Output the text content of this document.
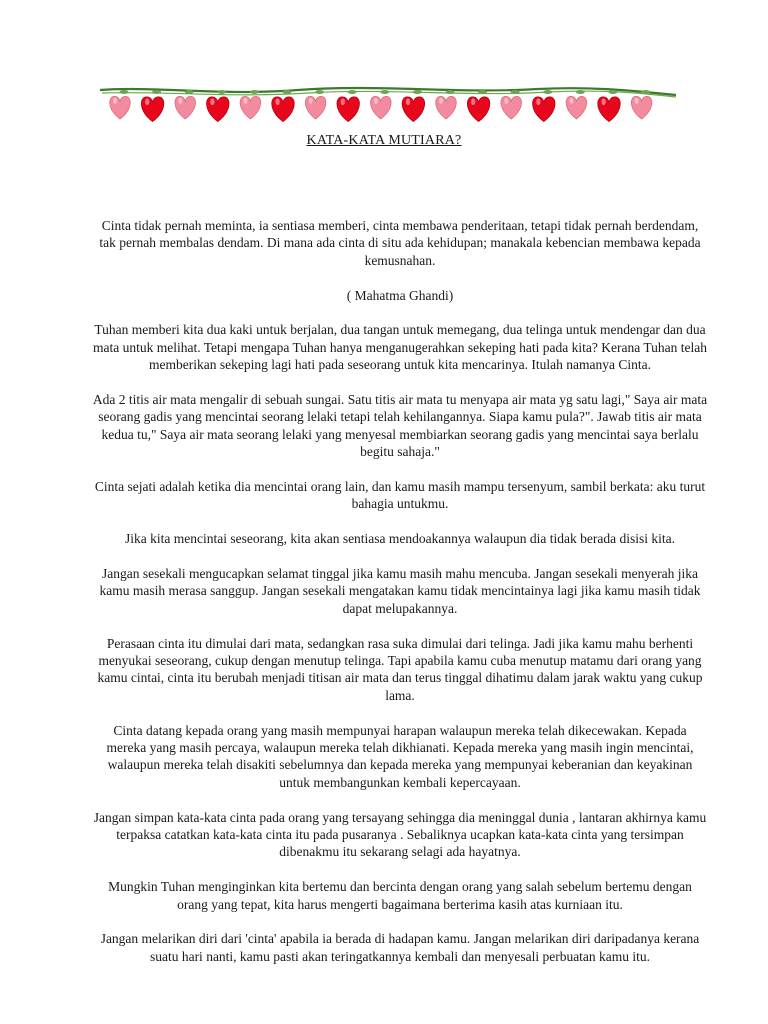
KATA-KATA MUTIARA?

Cinta tidak pernah meminta, ia sentiasa memberi, cinta membawa penderitaan, tetapi tidak pernah berdendam, tak pernah membalas dendam. Di mana ada cinta di situ ada kehidupan; manakala kebencian membawa kepada kemusnahan.

( Mahatma Ghandi)

Tuhan memberi kita dua kaki untuk berjalan, dua tangan untuk memegang, dua telinga untuk mendengar dan dua mata untuk melihat. Tetapi mengapa Tuhan hanya menganugerahkan sekeping hati pada kita? Kerana Tuhan telah memberikan sekeping lagi hati pada seseorang untuk kita mencarinya. Itulah namanya Cinta.

Ada 2 titis air mata mengalir di sebuah sungai. Satu titis air mata tu menyapa air mata yg satu lagi," Saya air mata seorang gadis yang mencintai seorang lelaki tetapi telah kehilangannya. Siapa kamu pula?". Jawab titis air mata kedua tu," Saya air mata seorang lelaki yang menyesal membiarkan seorang gadis yang mencintai saya berlalu begitu sahaja."

Cinta sejati adalah ketika dia mencintai orang lain, dan kamu masih mampu tersenyum, sambil berkata: aku turut bahagia untukmu.

Jika kita mencintai seseorang, kita akan sentiasa mendoakannya walaupun dia tidak berada disisi kita.

Jangan sesekali mengucapkan selamat tinggal jika kamu masih mahu mencuba. Jangan sesekali menyerah jika kamu masih merasa sanggup. Jangan sesekali mengatakan kamu tidak mencintainya lagi jika kamu masih tidak dapat melupakannya.

Perasaan cinta itu dimulai dari mata, sedangkan rasa suka dimulai dari telinga. Jadi jika kamu mahu berhenti menyukai seseorang, cukup dengan menutup telinga. Tapi apabila kamu cuba menutup matamu dari orang yang kamu cintai, cinta itu berubah menjadi titisan air mata dan terus tinggal dihatimu dalam jarak waktu yang cukup lama.

Cinta datang kepada orang yang masih mempunyai harapan walaupun mereka telah dikecewakan. Kepada mereka yang masih percaya, walaupun mereka telah dikhianati. Kepada mereka yang masih ingin mencintai, walaupun mereka telah disakiti sebelumnya dan kepada mereka yang mempunyai keberanian dan keyakinan untuk membangunkan kembali kepercayaan.

Jangan simpan kata-kata cinta pada orang yang tersayang sehingga dia meninggal dunia , lantaran akhirnya kamu terpaksa catatkan kata-kata cinta itu pada pusaranya . Sebaliknya ucapkan kata-kata cinta yang tersimpan dibenakmu itu sekarang selagi ada hayatnya.

Mungkin Tuhan menginginkan kita bertemu dan bercinta dengan orang yang salah sebelum bertemu dengan orang yang tepat, kita harus mengerti bagaimana berterima kasih atas kurniaan itu.

Jangan melarikan diri dari 'cinta' apabila ia berada di hadapan kamu. Jangan melarikan diri daripadanya kerana suatu hari nanti, kamu pasti akan teringatkannya kembali dan menyesali perbuatan kamu itu.
